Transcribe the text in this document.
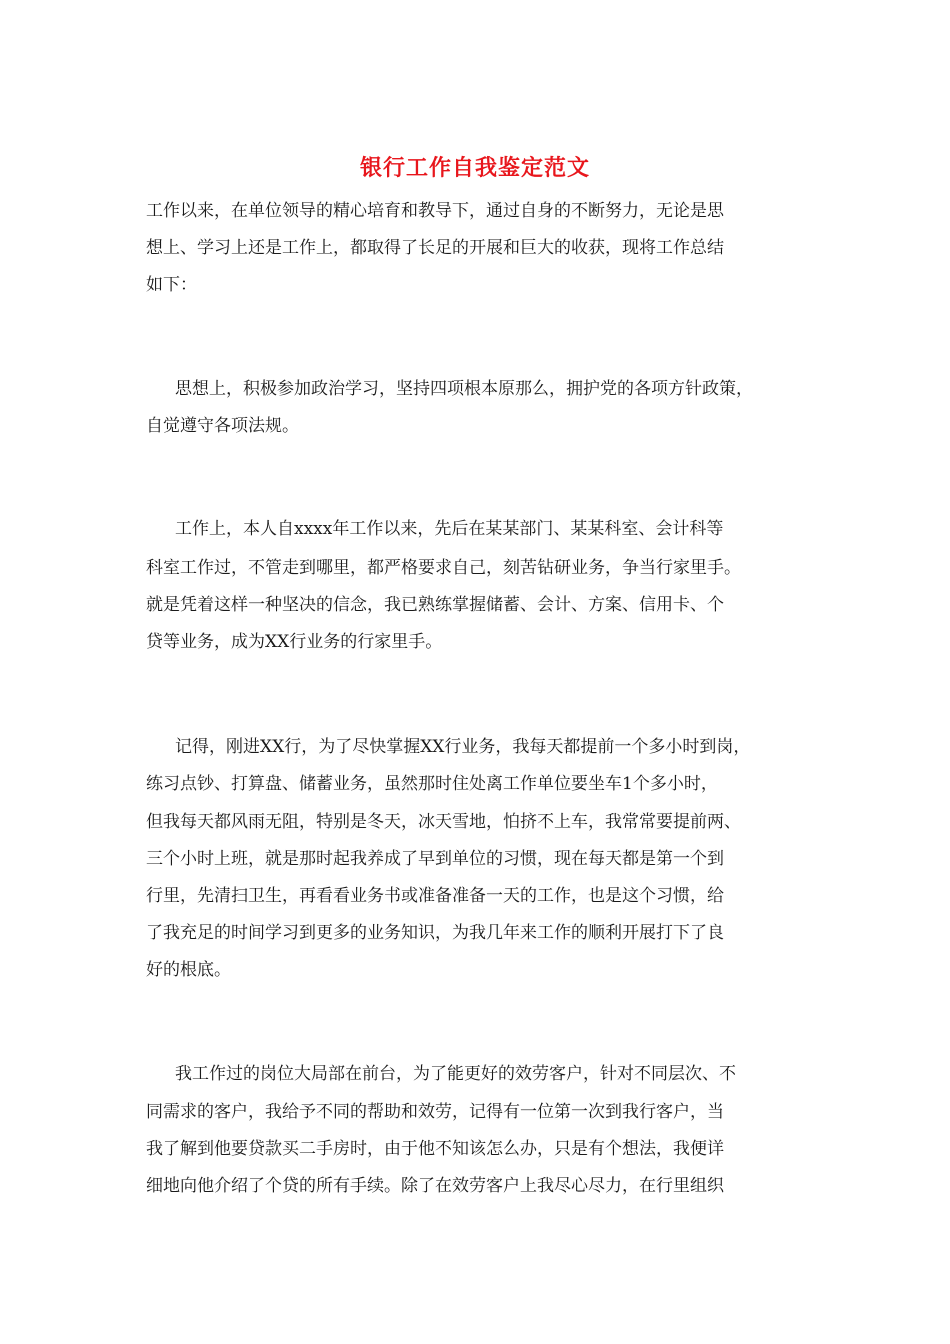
银行工作自我鉴定范文

工作以来，在单位领导的精心培育和教导下，通过自身的不断努力，无论是思

想上、学习上还是工作上，都取得了长足的开展和巨大的收获，现将工作总结

如下：

思想上，积极参加政治学习，坚持四项根本原那么，拥护党的各项方针政策，

自觉遵守各项法规。

工作上，本人自xxxx年工作以来，先后在某某部门、某某科室、会计科等

科室工作过，不管走到哪里，都严格要求自己，刻苦钻研业务，争当行家里手。

就是凭着这样一种坚决的信念，我已熟练掌握储蓄、会计、方案、信用卡、个

贷等业务，成为XX行业务的行家里手。

记得，刚进XX行，为了尽快掌握XX行业务，我每天都提前一个多小时到岗，

练习点钞、打算盘、储蓄业务，虽然那时住处离工作单位要坐车1个多小时，

但我每天都风雨无阻，特别是冬天，冰天雪地，怕挤不上车，我常常要提前两、

三个小时上班，就是那时起我养成了早到单位的习惯，现在每天都是第一个到

行里，先清扫卫生，再看看业务书或准备准备一天的工作，也是这个习惯，给

了我充足的时间学习到更多的业务知识，为我几年来工作的顺利开展打下了良

好的根底。

我工作过的岗位大局部在前台，为了能更好的效劳客户，针对不同层次、不

同需求的客户，我给予不同的帮助和效劳，记得有一位第一次到我行客户，当

我了解到他要贷款买二手房时，由于他不知该怎么办，只是有个想法，我便详

细地向他介绍了个贷的所有手续。除了在效劳客户上我尽心尽力，在行里组织
